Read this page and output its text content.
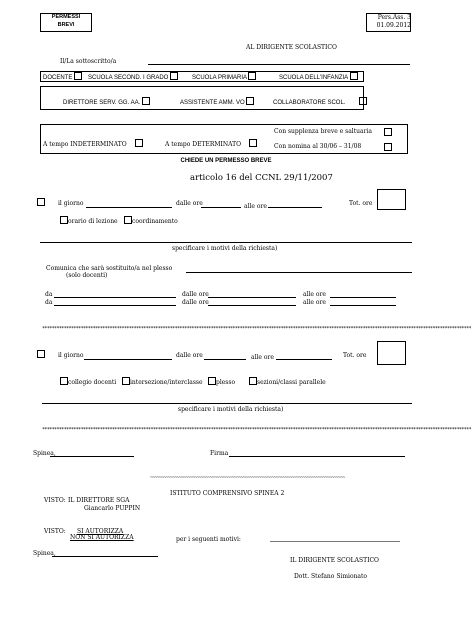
PERMESSI
BREVI
Pers.Ass. 3
01.09.2012
AL DIRIGENTE SCOLASTICO
Il/La sottoscritto/a
DOCENTE	SCUOLA SECOND. I GRADO	SCUOLA PRIMARIA	SCUOLA DELL'INFANZIA
DIRETTORE SERV. GG. AA.	ASSISTENTE AMM. VO	COLLABORATORE SCOL.
A tempo INDETERMINATO	A tempo DETERMINATO
Con supplenza breve e saltuaria
Con nomina al 30/06 – 31/08
CHIEDE UN PERMESSO BREVE
articolo 16 del CCNL 29/11/2007
il giorno	dalle ore	alle ore	Tot. ore
orario di lezione	coordinamento
specificare i motivi della richiesta)
Comunica che sarà sostituito/a nel plesso
(solo docenti)
da	dalle ore	alle ore
da	dalle ore	alle ore
**********************************************************************************************************************************************************************************
il giorno	dalle ore	alle ore	Tot. ore
collegio docenti	intersezione/interclasse	plesso	sezioni/classi parallele
specificare i motivi della richiesta)
**********************************************************************************************************************************************************************************
Spinea,	Firma
~~~~~~~~~~~~~~~~~~~~~~~~~~~~~~~~~~~~~~~~~~~~~~~~~~~~~~~~~~~~~~~~~~~~~~~~~~~~~~~~~~~~~~~~
ISTITUTO COMPRENSIVO SPINEA 2
VISTO: IL DIRETTORE SGA
Giancarlo PUPPIN
VISTO: SI AUTORIZZA
NON SI AUTORIZZA	per i seguenti motivi:
Spinea,
IL DIRIGENTE SCOLASTICO
Dott. Stefano Simionato
